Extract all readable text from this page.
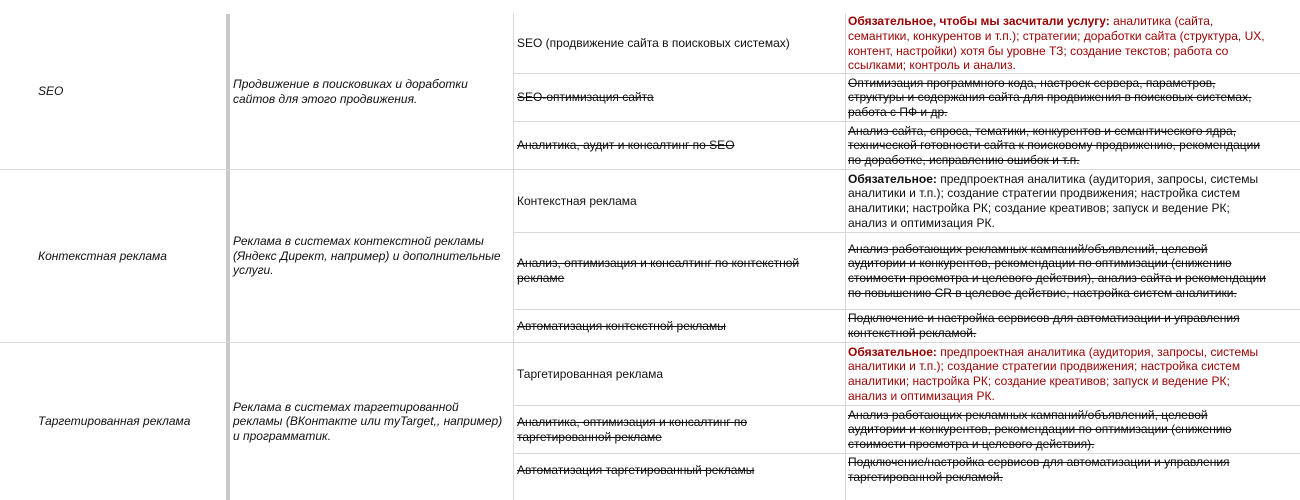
SEO
Продвижение в поисковиках и доработки сайтов для этого продвижения.
SEO (продвижение сайта в поисковых системах)
Обязательное, чтобы мы засчитали услугу: аналитика (сайта, семантики, конкурентов и т.п.); стратегии; доработки сайта (структура, UX, контент, настройки) хотя бы уровне ТЗ; создание текстов; работа со ссылками; контроль и анализ.
SEO-оптимизация сайта
Оптимизация программного кода, настроек сервера, параметров, структуры и содержания сайта для продвижения в поисковых системах, работа с ПФ и др.
Аналитика, аудит и консалтинг по SEO
Анализ сайта, спроса, тематики, конкурентов и семантического ядра, технической готовности сайта к поисковому продвижению, рекомендации по доработке, исправлению ошибок и т.п.
Контекстная реклама
Реклама в системах контекстной рекламы (Яндекс Директ, например) и дополнительные услуги.
Контекстная реклама
Обязательное: предпроектная аналитика (аудитория, запросы, системы аналитики и т.п.); создание стратегии продвижения; настройка систем аналитики; настройка РК; создание креативов; запуск и ведение РК; анализ и оптимизация РК.
Анализ, оптимизация и консалтинг по контекстной рекламе
Анализ работающих рекламных кампаний/объявлений, целевой аудитории и конкурентов, рекомендации по оптимизации (снижению стоимости просмотра и целевого действия), анализ сайта и рекомендации по повышению CR в целевое действие, настройка систем аналитики.
Автоматизация контекстной рекламы
Подключение и настройка сервисов для автоматизации и управления контекстной рекламой.
Таргетированная реклама
Реклама в системах таргетированной рекламы (ВКонтакте или myTarget,, например) и программатик.
Таргетированная реклама
Обязательное: предпроектная аналитика (аудитория, запросы, системы аналитики и т.п.); создание стратегии продвижения; настройка систем аналитики; настройка РК; создание креативов; запуск и ведение РК; анализ и оптимизация РК.
Аналитика, оптимизация и консалтинг по таргетированной рекламе
Анализ работающих рекламных кампаний/объявлений, целевой аудитории и конкурентов, рекомендации по оптимизации (снижению стоимости просмотра и целевого действия).
Автоматизация таргетированный рекламы
Подключение/настройка сервисов для автоматизации и управления таргетированной рекламой.
